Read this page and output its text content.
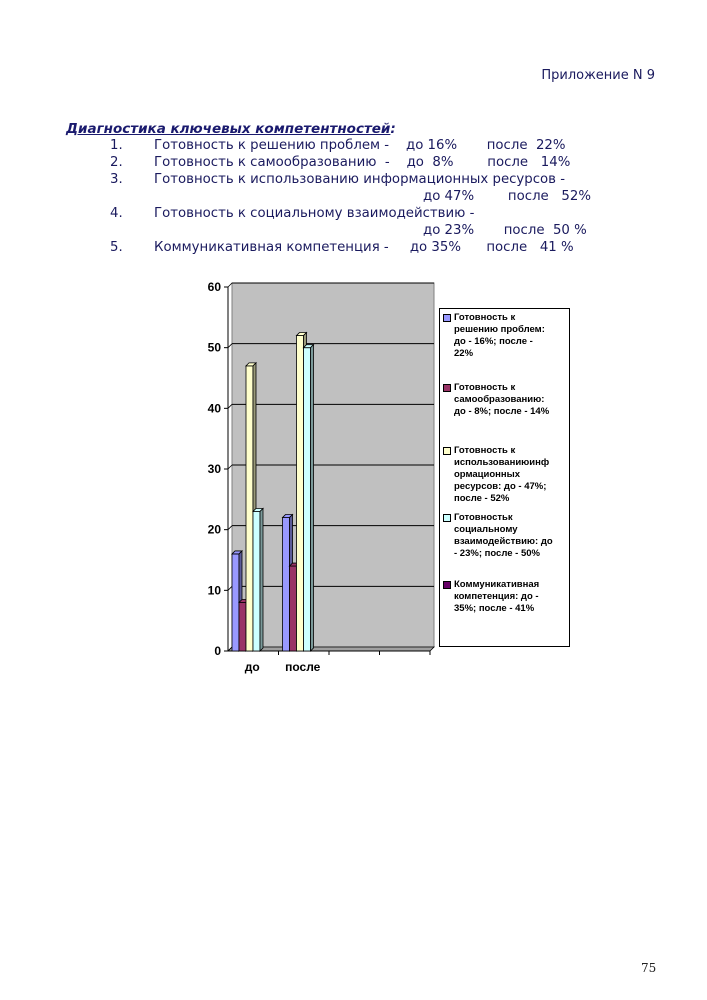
Приложение N 9
Диагностика ключевых компетентностей:
1. Готовность к решению проблем -    до 16%       после  22%
2. Готовность к самообразованию  -    до  8%        после   14%
3. Готовность к использованию информационных ресурсов -
до 47%        после   52%
4. Готовность к социальному взаимодействию -
до 23%       после  50 %
5. Коммуникативная компетенция -     до 35%      после   41 %
0
10
20
30
40
50
60
до после
Готовность к
решению проблем:
до - 16%; после -
22%
Готовность к
самообразованию:
до - 8%; после - 14%
Готовность к
использованиюинф
ормационных
ресурсов: до - 47%;
после - 52%
Готовностьк
социальному
взаимодействию: до
- 23%; после - 50%
Коммуникативная
компетенция: до -
35%; после - 41%
75
